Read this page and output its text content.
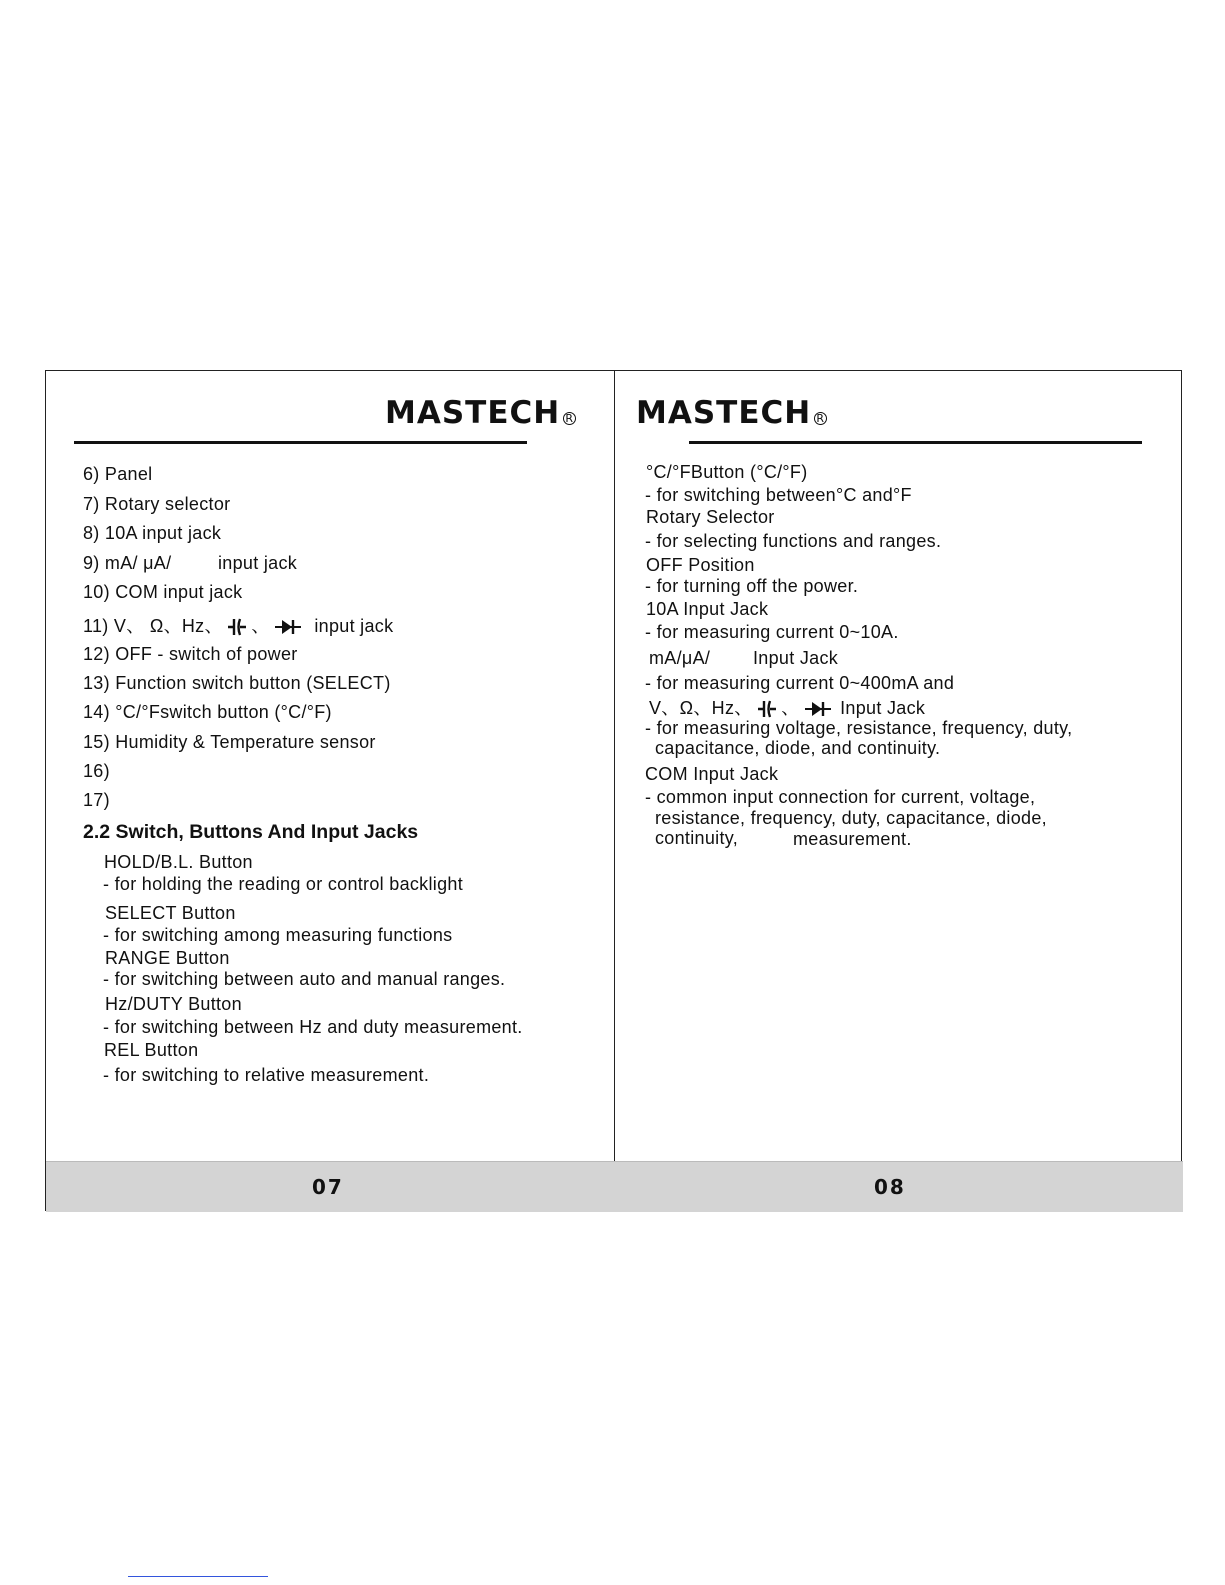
MASTECH R
6) Panel
7) Rotary selector
8) 10A input jack
9) mA/ μA/	input jack
10) COM input jack
11) V、 Ω、Hz、 、 input jack
12) OFF - switch of power
13) Function switch button (SELECT)
14) °C/°Fswitch button (°C/°F)
15) Humidity & Temperature sensor
16)
17)
2.2 Switch, Buttons And Input Jacks
HOLD/B.L. Button
- for holding the reading or control backlight
SELECT Button
- for switching among measuring functions
RANGE Button
- for switching between auto and manual ranges.
Hz/DUTY Button
- for switching between Hz and duty measurement.
REL Button
- for switching to relative measurement.
MASTECH R
°C/°FButton (°C/°F)
- for switching between°C and°F
Rotary Selector
- for selecting functions and ranges.
OFF Position
- for turning off the power.
10A Input Jack
- for measuring current 0~10A.
mA/μA/ Input Jack
- for measuring current 0~400mA and
V、Ω、Hz、 、 Input Jack
- for measuring voltage, resistance, frequency, duty,
capacitance, diode, and continuity.
COM Input Jack
- common input connection for current, voltage,
resistance, frequency, duty, capacitance, diode,
continuity,	measurement.
07	08
